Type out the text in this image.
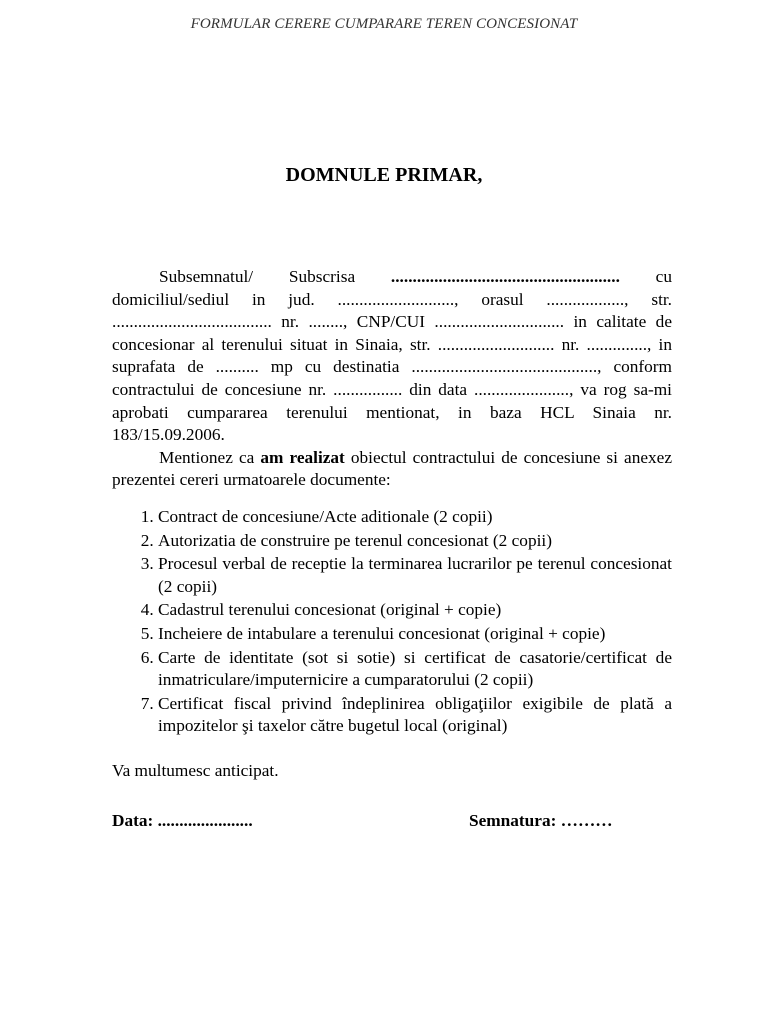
FORMULAR CERERE CUMPARARE TEREN CONCESIONAT
DOMNULE PRIMAR,

Subsemnatul/ Subscrisa ..................................................... cu domiciliul/sediul in jud. ..........................., orasul .................., str. ..................................... nr. ........, CNP/CUI .............................. in calitate de concesionar al terenului situat in Sinaia, str. ........................... nr. .............., in suprafata de .......... mp cu destinatia ..........................................., conform contractului de concesiune nr. ................ din data ......................, va rog sa-mi aprobati cumpararea terenului mentionat, in baza HCL Sinaia nr. 183/15.09.2006.

Mentionez ca am realizat obiectul contractului de concesiune si anexez prezentei cereri urmatoarele documente:

1. Contract de concesiune/Acte aditionale (2 copii)
2. Autorizatia de construire pe terenul concesionat (2 copii)
3. Procesul verbal de receptie la terminarea lucrarilor pe terenul concesionat (2 copii)
4. Cadastrul terenului concesionat (original + copie)
5. Incheiere de intabulare a terenului concesionat (original + copie)
6. Carte de identitate (sot si sotie) si certificat de casatorie/certificat de inmatriculare/imputernicire a cumparatorului (2 copii)
7. Certificat fiscal privind îndeplinirea obligaţiilor exigibile de plată a impozitelor şi taxelor către bugetul local (original)

Va multumesc anticipat.

Data: ......................	Semnatura: ………
